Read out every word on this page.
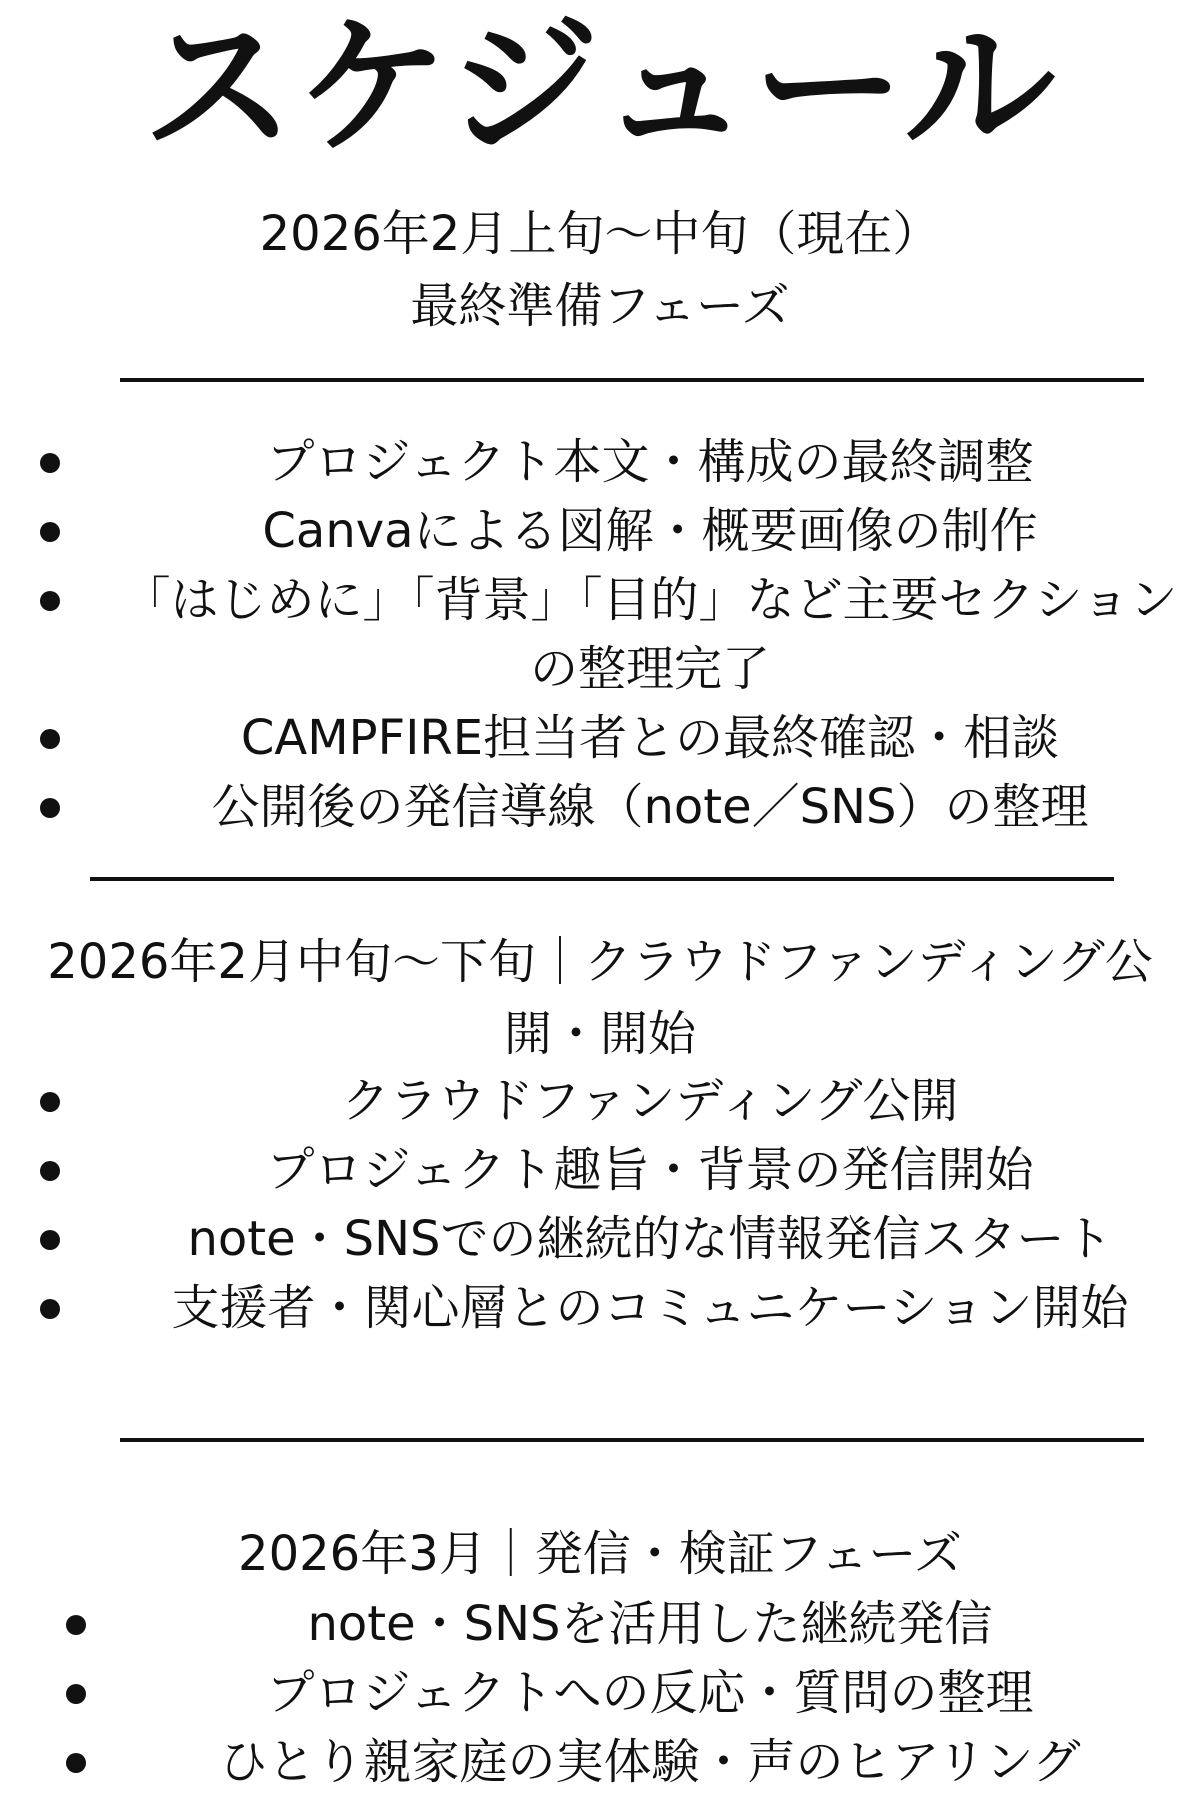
スケジュール

2026年2月上旬〜中旬（現在）

最終準備フェーズ

プロジェクト本文・構成の最終調整
Canvaによる図解・概要画像の制作
「はじめに」「背景」「目的」など主要セクションの整理完了
CAMPFIRE担当者との最終確認・相談
公開後の発信導線（note／SNS）の整理

2026年2月中旬〜下旬｜クラウドファンディング公開・開始

クラウドファンディング公開
プロジェクト趣旨・背景の発信開始
note・SNSでの継続的な情報発信スタート
支援者・関心層とのコミュニケーション開始

2026年3月｜発信・検証フェーズ

note・SNSを活用した継続発信
プロジェクトへの反応・質問の整理
ひとり親家庭の実体験・声のヒアリング
